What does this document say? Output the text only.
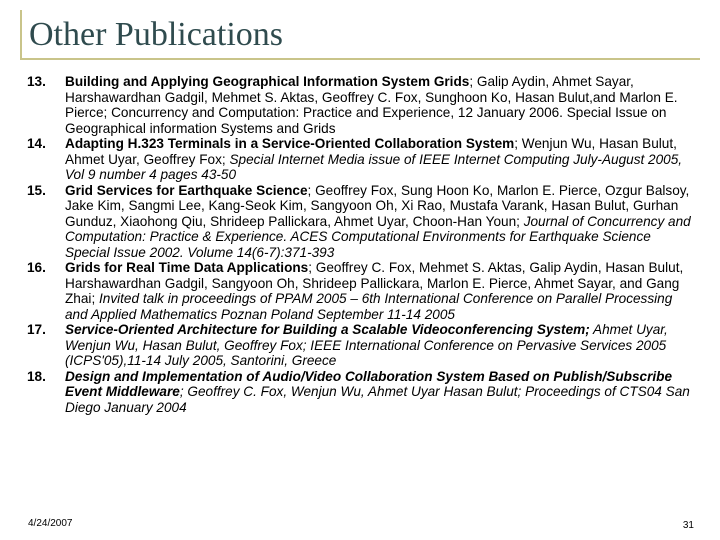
Other Publications
13.	Building and Applying Geographical Information System Grids; Galip Aydin, Ahmet Sayar, Harshawardhan Gadgil, Mehmet S. Aktas, Geoffrey C. Fox, Sunghoon Ko, Hasan Bulut,and Marlon E. Pierce; Concurrency and Computation: Practice and Experience, 12 January 2006. Special Issue on Geographical information Systems and Grids
14.	Adapting H.323 Terminals in a Service-Oriented Collaboration System; Wenjun Wu, Hasan Bulut, Ahmet Uyar, Geoffrey Fox; Special Internet Media issue of IEEE Internet Computing July-August 2005, Vol 9 number 4 pages 43-50
15.	Grid Services for Earthquake Science; Geoffrey Fox, Sung Hoon Ko, Marlon E. Pierce, Ozgur Balsoy, Jake Kim, Sangmi Lee, Kang-Seok Kim, Sangyoon Oh, Xi Rao, Mustafa Varank, Hasan Bulut, Gurhan Gunduz, Xiaohong Qiu, Shrideep Pallickara, Ahmet Uyar, Choon-Han Youn; Journal of Concurrency and Computation: Practice & Experience. ACES Computational Environments for Earthquake Science Special Issue 2002. Volume 14(6-7):371-393
16.	Grids for Real Time Data Applications; Geoffrey C. Fox, Mehmet S. Aktas, Galip Aydin, Hasan Bulut, Harshawardhan Gadgil, Sangyoon Oh, Shrideep Pallickara, Marlon E. Pierce, Ahmet Sayar, and Gang Zhai; Invited talk in proceedings of PPAM 2005 – 6th International Conference on Parallel Processing and Applied Mathematics Poznan Poland September 11-14 2005
17.	Service-Oriented Architecture for Building a Scalable Videoconferencing System; Ahmet Uyar, Wenjun Wu, Hasan Bulut, Geoffrey Fox; IEEE International Conference on Pervasive Services 2005 (ICPS'05),11-14 July 2005, Santorini, Greece
18.	Design and Implementation of Audio/Video Collaboration System Based on Publish/Subscribe Event Middleware; Geoffrey C. Fox, Wenjun Wu, Ahmet Uyar Hasan Bulut; Proceedings of CTS04 San Diego January 2004
4/24/2007	31
